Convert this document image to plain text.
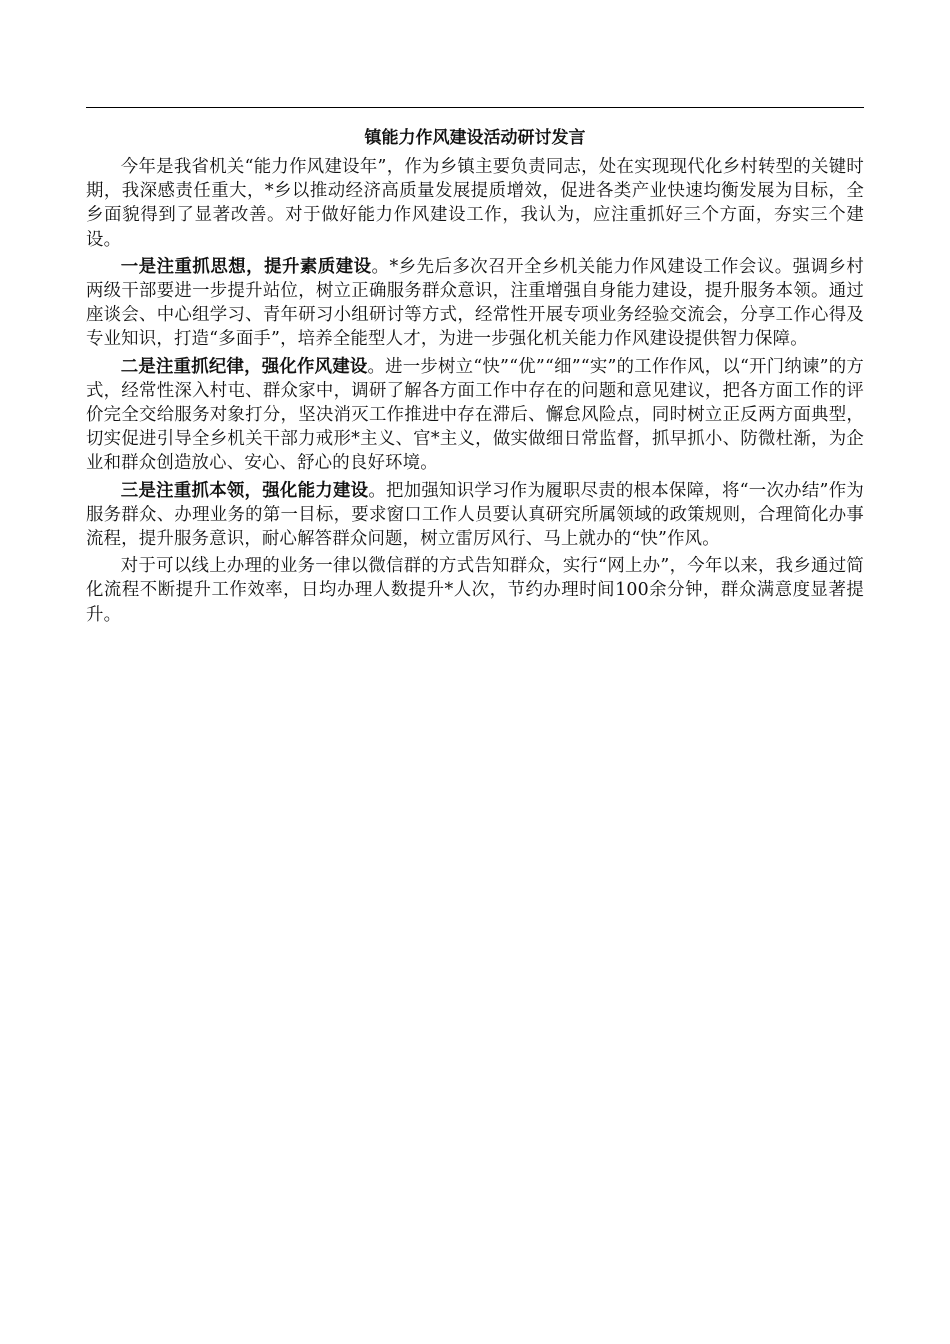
镇能力作风建设活动研讨发言

今年是我省机关“能力作风建设年”，作为乡镇主要负责同志，处在实现现代化乡村转型的关键时期，我深感责任重大，*乡以推动经济高质量发展提质增效，促进各类产业快速均衡发展为目标，全乡面貌得到了显著改善。对于做好能力作风建设工作，我认为，应注重抓好三个方面，夯实三个建设。

一是注重抓思想，提升素质建设。*乡先后多次召开全乡机关能力作风建设工作会议。强调乡村两级干部要进一步提升站位，树立正确服务群众意识，注重增强自身能力建设，提升服务本领。通过座谈会、中心组学习、青年研习小组研讨等方式，经常性开展专项业务经验交流会，分享工作心得及专业知识，打造“多面手”，培养全能型人才，为进一步强化机关能力作风建设提供智力保障。

二是注重抓纪律，强化作风建设。进一步树立“快”“优”“细”“实”的工作作风，以“开门纳谏”的方式，经常性深入村屯、群众家中，调研了解各方面工作中存在的问题和意见建议，把各方面工作的评价完全交给服务对象打分，坚决消灭工作推进中存在滞后、懈怠风险点，同时树立正反两方面典型，切实促进引导全乡机关干部力戒形*主义、官*主义，做实做细日常监督，抓早抓小、防微杜渐，为企业和群众创造放心、安心、舒心的良好环境。

三是注重抓本领，强化能力建设。把加强知识学习作为履职尽责的根本保障，将“一次办结”作为服务群众、办理业务的第一目标，要求窗口工作人员要认真研究所属领域的政策规则，合理简化办事流程，提升服务意识，耐心解答群众问题，树立雷厉风行、马上就办的“快”作风。

对于可以线上办理的业务一律以微信群的方式告知群众，实行“网上办”，今年以来，我乡通过简化流程不断提升工作效率，日均办理人数提升*人次，节约办理时间100余分钟，群众满意度显著提升。
